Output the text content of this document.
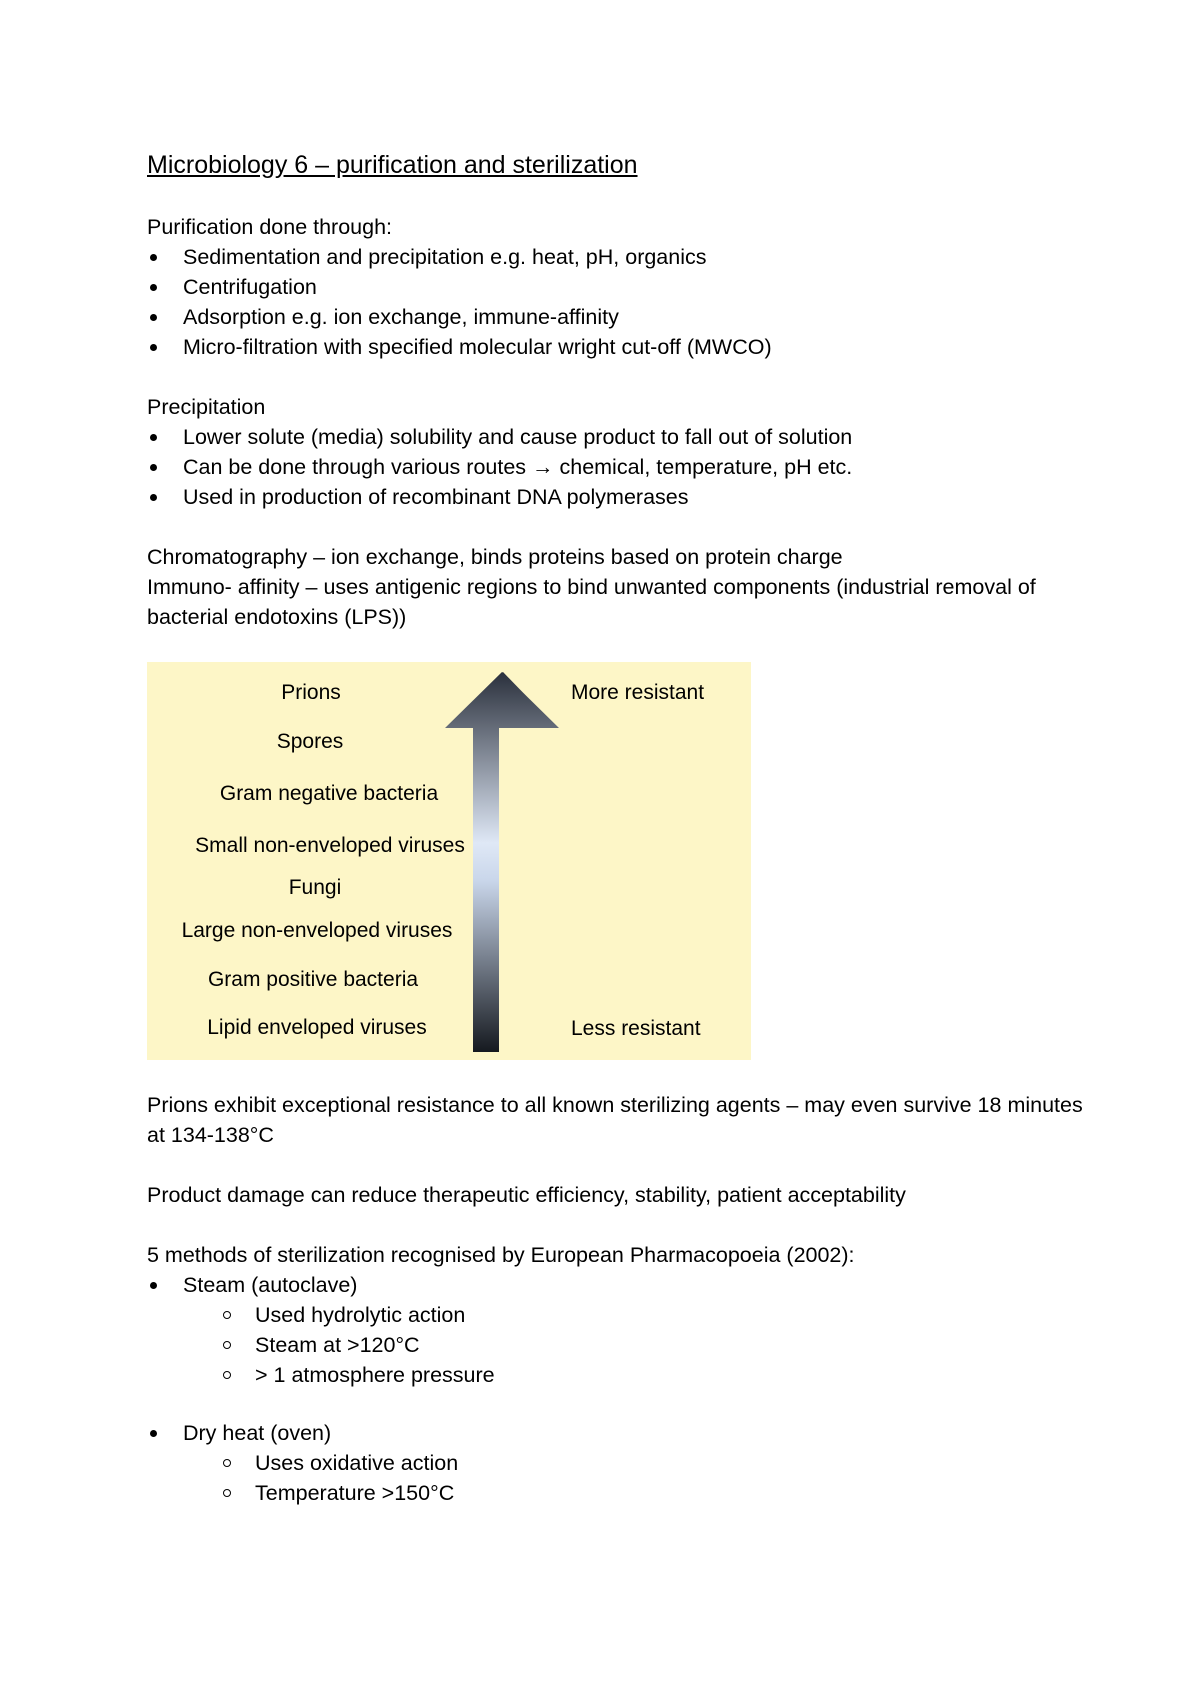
Microbiology 6 – purification and sterilization

Purification done through:

Sedimentation and precipitation e.g. heat, pH, organics
Centrifugation
Adsorption e.g. ion exchange, immune-affinity
Micro-filtration with specified molecular wright cut-off (MWCO)

Precipitation

Lower solute (media) solubility and cause product to fall out of solution
Can be done through various routes → chemical, temperature, pH etc.
Used in production of recombinant DNA polymerases

Chromatography – ion exchange, binds proteins based on protein charge

Immuno- affinity – uses antigenic regions to bind unwanted components (industrial removal of bacterial endotoxins (LPS))

Prions
Spores
Gram negative bacteria
Small non-enveloped viruses
Fungi
Large non-enveloped viruses
Gram positive bacteria
Lipid enveloped viruses
More resistant
Less resistant

Prions exhibit exceptional resistance to all known sterilizing agents – may even survive 18 minutes at 134-138°C

Product damage can reduce therapeutic efficiency, stability, patient acceptability

5 methods of sterilization recognised by European Pharmacopoeia (2002):

Steam (autoclave)
Used hydrolytic action
Steam at >120°C
> 1 atmosphere pressure
Dry heat (oven)
Uses oxidative action
Temperature >150°C
